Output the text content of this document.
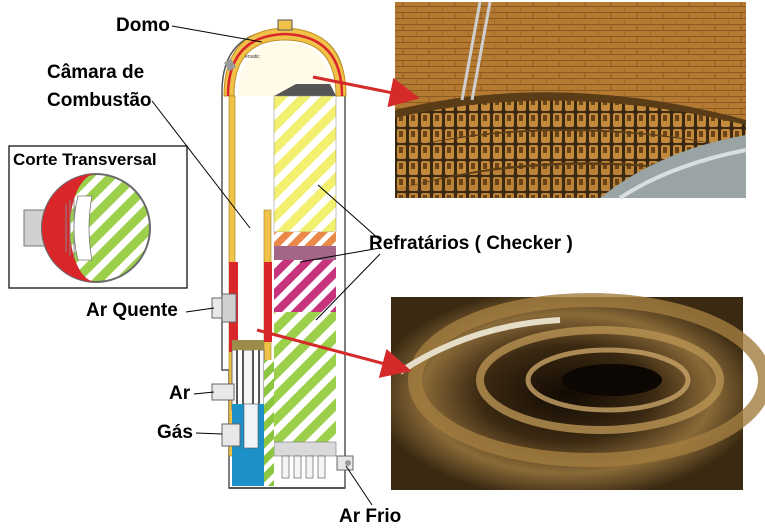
ersatic
Domo
Câmara de
Combustão
Corte Transversal
Refratários ( Checker )
Ar Quente
Ar
Gás
Ar Frio
